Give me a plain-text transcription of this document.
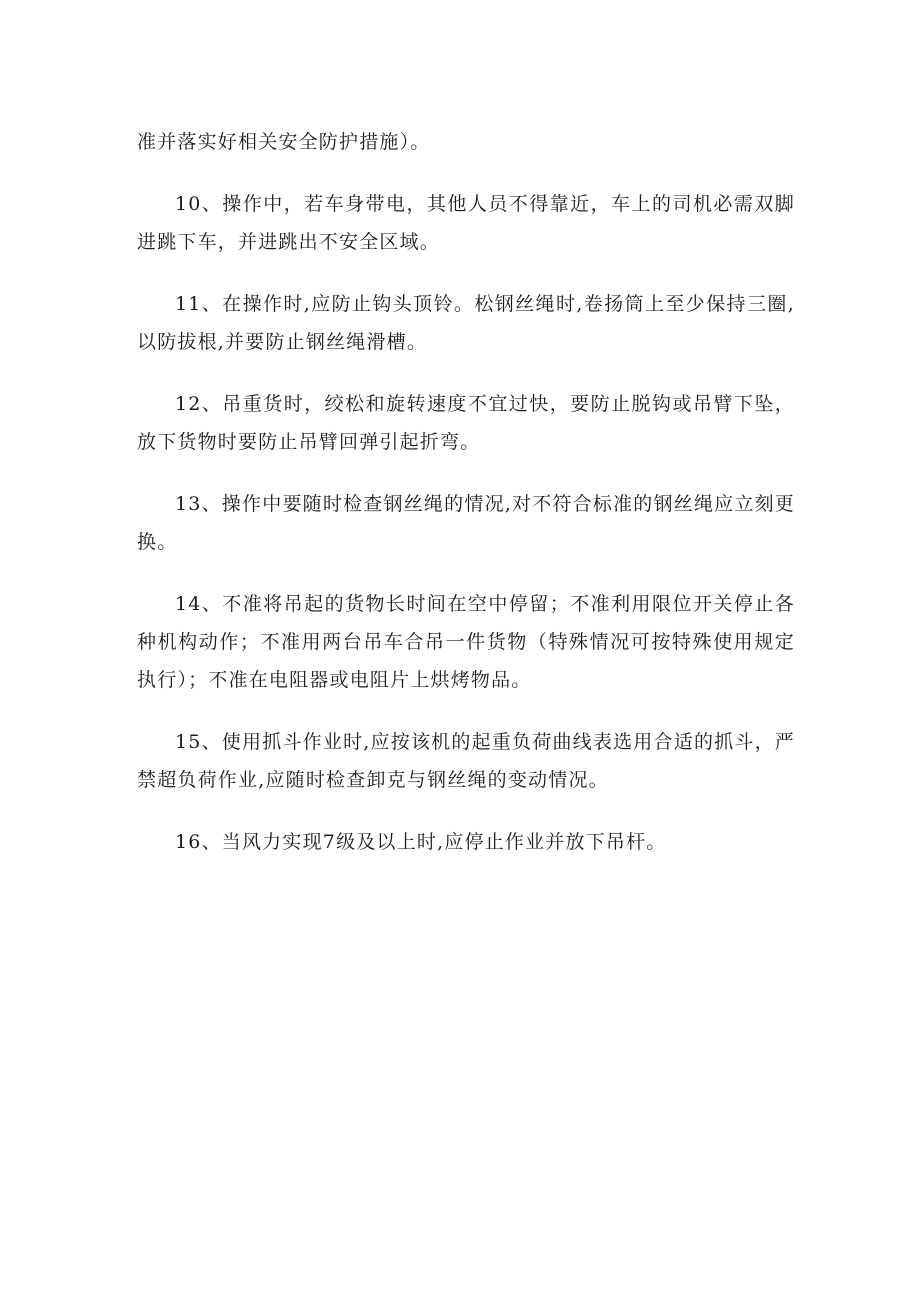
准并落实好相关安全防护措施）。

10、操作中，若车身带电，其他人员不得靠近，车上的司机必需双脚进跳下车，并进跳出不安全区域。

11、在操作时,应防止钩头顶铃。松钢丝绳时,卷扬筒上至少保持三圈,以防拔根,并要防止钢丝绳滑槽。

12、吊重货时，绞松和旋转速度不宜过快，要防止脱钩或吊臂下坠，放下货物时要防止吊臂回弹引起折弯。

13、操作中要随时检查钢丝绳的情况,对不符合标准的钢丝绳应立刻更换。

14、不准将吊起的货物长时间在空中停留；不准利用限位开关停止各种机构动作；不准用两台吊车合吊一件货物（特殊情况可按特殊使用规定执行）；不准在电阻器或电阻片上烘烤物品。

15、使用抓斗作业时,应按该机的起重负荷曲线表选用合适的抓斗，严禁超负荷作业,应随时检查卸克与钢丝绳的变动情况。

16、当风力实现7级及以上时,应停止作业并放下吊杆。
